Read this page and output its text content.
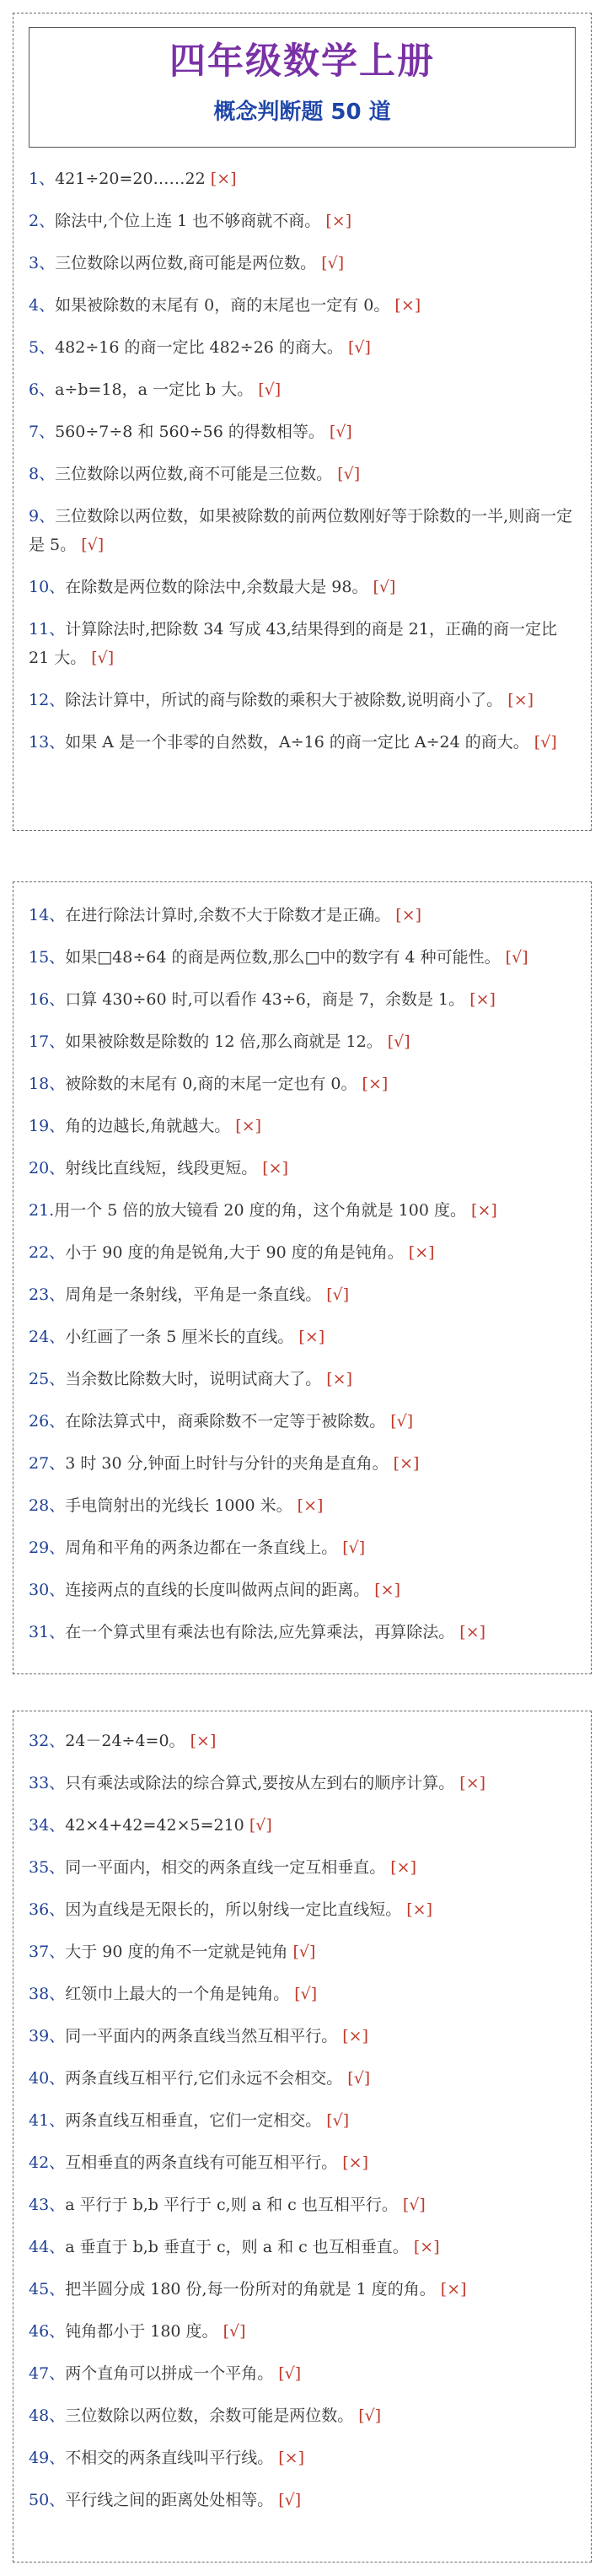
四年级数学上册
概念判断题 50 道
1、421÷20=20……22 [×]
2、除法中,个位上连 1 也不够商就不商。 [×]
3、三位数除以两位数,商可能是两位数。 [√]
4、如果被除数的末尾有 0，商的末尾也一定有 0。 [×]
5、482÷16 的商一定比 482÷26 的商大。 [√]
6、a÷b=18，a 一定比 b 大。 [√]
7、560÷7÷8 和 560÷56 的得数相等。 [√]
8、三位数除以两位数,商不可能是三位数。 [√]
9、三位数除以两位数，如果被除数的前两位数刚好等于除数的一半,则商一定是 5。 [√]
10、在除数是两位数的除法中,余数最大是 98。 [√]
11、计算除法时,把除数 34 写成 43,结果得到的商是 21，正确的商一定比 21 大。 [√]
12、除法计算中，所试的商与除数的乘积大于被除数,说明商小了。 [×]
13、如果 A 是一个非零的自然数，A÷16 的商一定比 A÷24 的商大。 [√]
14、在进行除法计算时,余数不大于除数才是正确。 [×]
15、如果□48÷64 的商是两位数,那么□中的数字有 4 种可能性。 [√]
16、口算 430÷60 时,可以看作 43÷6，商是 7，余数是 1。 [×]
17、如果被除数是除数的 12 倍,那么商就是 12。 [√]
18、被除数的末尾有 0,商的末尾一定也有 0。 [×]
19、角的边越长,角就越大。 [×]
20、射线比直线短，线段更短。 [×]
21.用一个 5 倍的放大镜看 20 度的角，这个角就是 100 度。 [×]
22、小于 90 度的角是锐角,大于 90 度的角是钝角。 [×]
23、周角是一条射线，平角是一条直线。 [√]
24、小红画了一条 5 厘米长的直线。 [×]
25、当余数比除数大时，说明试商大了。 [×]
26、在除法算式中，商乘除数不一定等于被除数。 [√]
27、3 时 30 分,钟面上时针与分针的夹角是直角。 [×]
28、手电筒射出的光线长 1000 米。 [×]
29、周角和平角的两条边都在一条直线上。 [√]
30、连接两点的直线的长度叫做两点间的距离。 [×]
31、在一个算式里有乘法也有除法,应先算乘法，再算除法。 [×]
32、24－24÷4=0。 [×]
33、只有乘法或除法的综合算式,要按从左到右的顺序计算。 [×]
34、42×4+42=42×5=210 [√]
35、同一平面内，相交的两条直线一定互相垂直。 [×]
36、因为直线是无限长的，所以射线一定比直线短。 [×]
37、大于 90 度的角不一定就是钝角 [√]
38、红领巾上最大的一个角是钝角。 [√]
39、同一平面内的两条直线当然互相平行。 [×]
40、两条直线互相平行,它们永远不会相交。 [√]
41、两条直线互相垂直，它们一定相交。 [√]
42、互相垂直的两条直线有可能互相平行。 [×]
43、a 平行于 b,b 平行于 c,则 a 和 c 也互相平行。 [√]
44、a 垂直于 b,b 垂直于 c，则 a 和 c 也互相垂直。 [×]
45、把半圆分成 180 份,每一份所对的角就是 1 度的角。 [×]
46、钝角都小于 180 度。 [√]
47、两个直角可以拼成一个平角。 [√]
48、三位数除以两位数，余数可能是两位数。 [√]
49、不相交的两条直线叫平行线。 [×]
50、平行线之间的距离处处相等。 [√]
